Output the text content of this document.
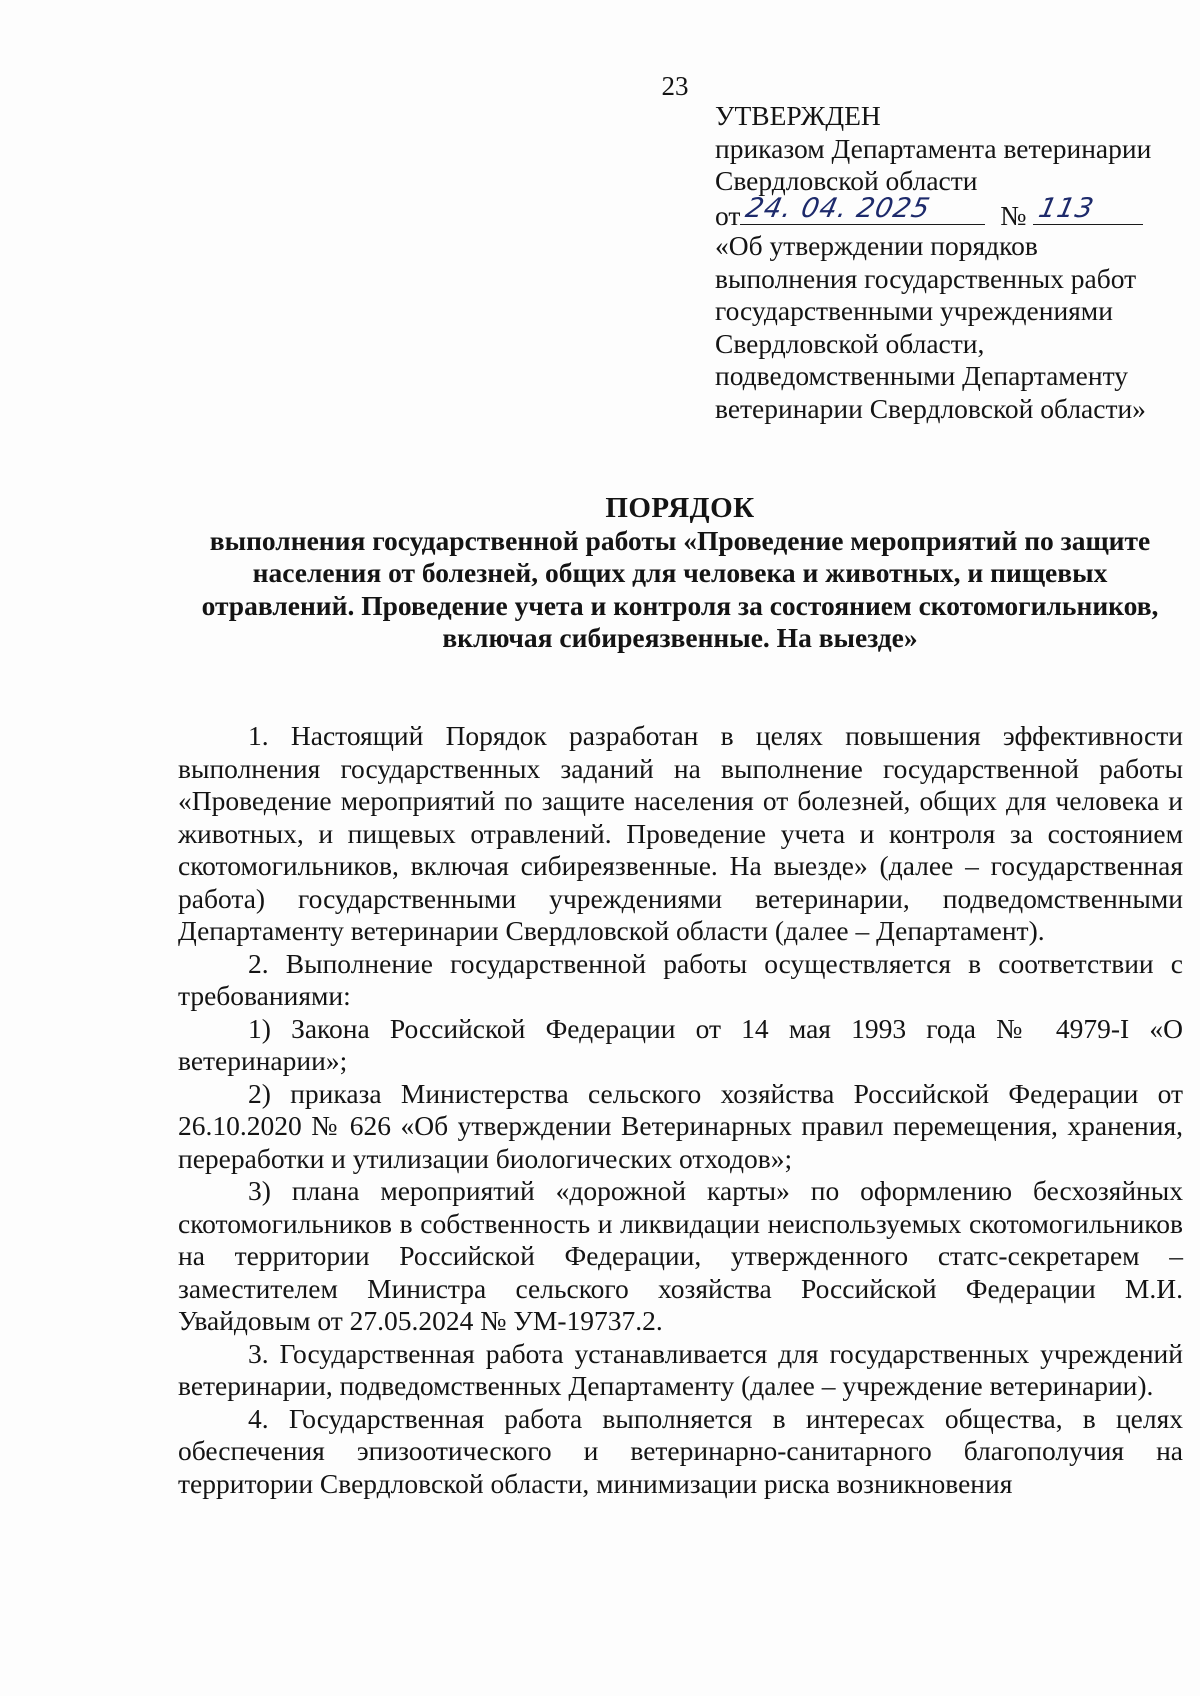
23
УТВЕРЖДЕН
приказом Департамента ветеринарии
Свердловской области
от 24. 04. 2025 № 113
«Об утверждении порядков
выполнения государственных работ
государственными учреждениями
Свердловской области,
подведомственными Департаменту
ветеринарии Свердловской области»
ПОРЯДОК
выполнения государственной работы «Проведение мероприятий по защите
населения от болезней, общих для человека и животных, и пищевых
отравлений. Проведение учета и контроля за состоянием скотомогильников,
включая сибиреязвенные. На выезде»

1. Настоящий Порядок разработан в целях повышения эффективности выполнения государственных заданий на выполнение государственной работы «Проведение мероприятий по защите населения от болезней, общих для человека и животных, и пищевых отравлений. Проведение учета и контроля за состоянием скотомогильников, включая сибиреязвенные. На выезде» (далее – государственная работа) государственными учреждениями ветеринарии, подведомственными Департаменту ветеринарии Свердловской области (далее – Департамент).

2. Выполнение государственной работы осуществляется в соответствии с требованиями:

1) Закона Российской Федерации от 14 мая 1993 года № 4979-I «О ветеринарии»;

2) приказа Министерства сельского хозяйства Российской Федерации от 26.10.2020 № 626 «Об утверждении Ветеринарных правил перемещения, хранения, переработки и утилизации биологических отходов»;

3) плана мероприятий «дорожной карты» по оформлению бесхозяйных скотомогильников в собственность и ликвидации неиспользуемых скотомогильников на территории Российской Федерации, утвержденного статс-секретарем – заместителем Министра сельского хозяйства Российской Федерации М.И. Увайдовым от 27.05.2024 № УМ-19737.2.

3. Государственная работа устанавливается для государственных учреждений ветеринарии, подведомственных Департаменту (далее – учреждение ветеринарии).

4. Государственная работа выполняется в интересах общества, в целях обеспечения эпизоотического и ветеринарно-санитарного благополучия на территории Свердловской области, минимизации риска возникновения
